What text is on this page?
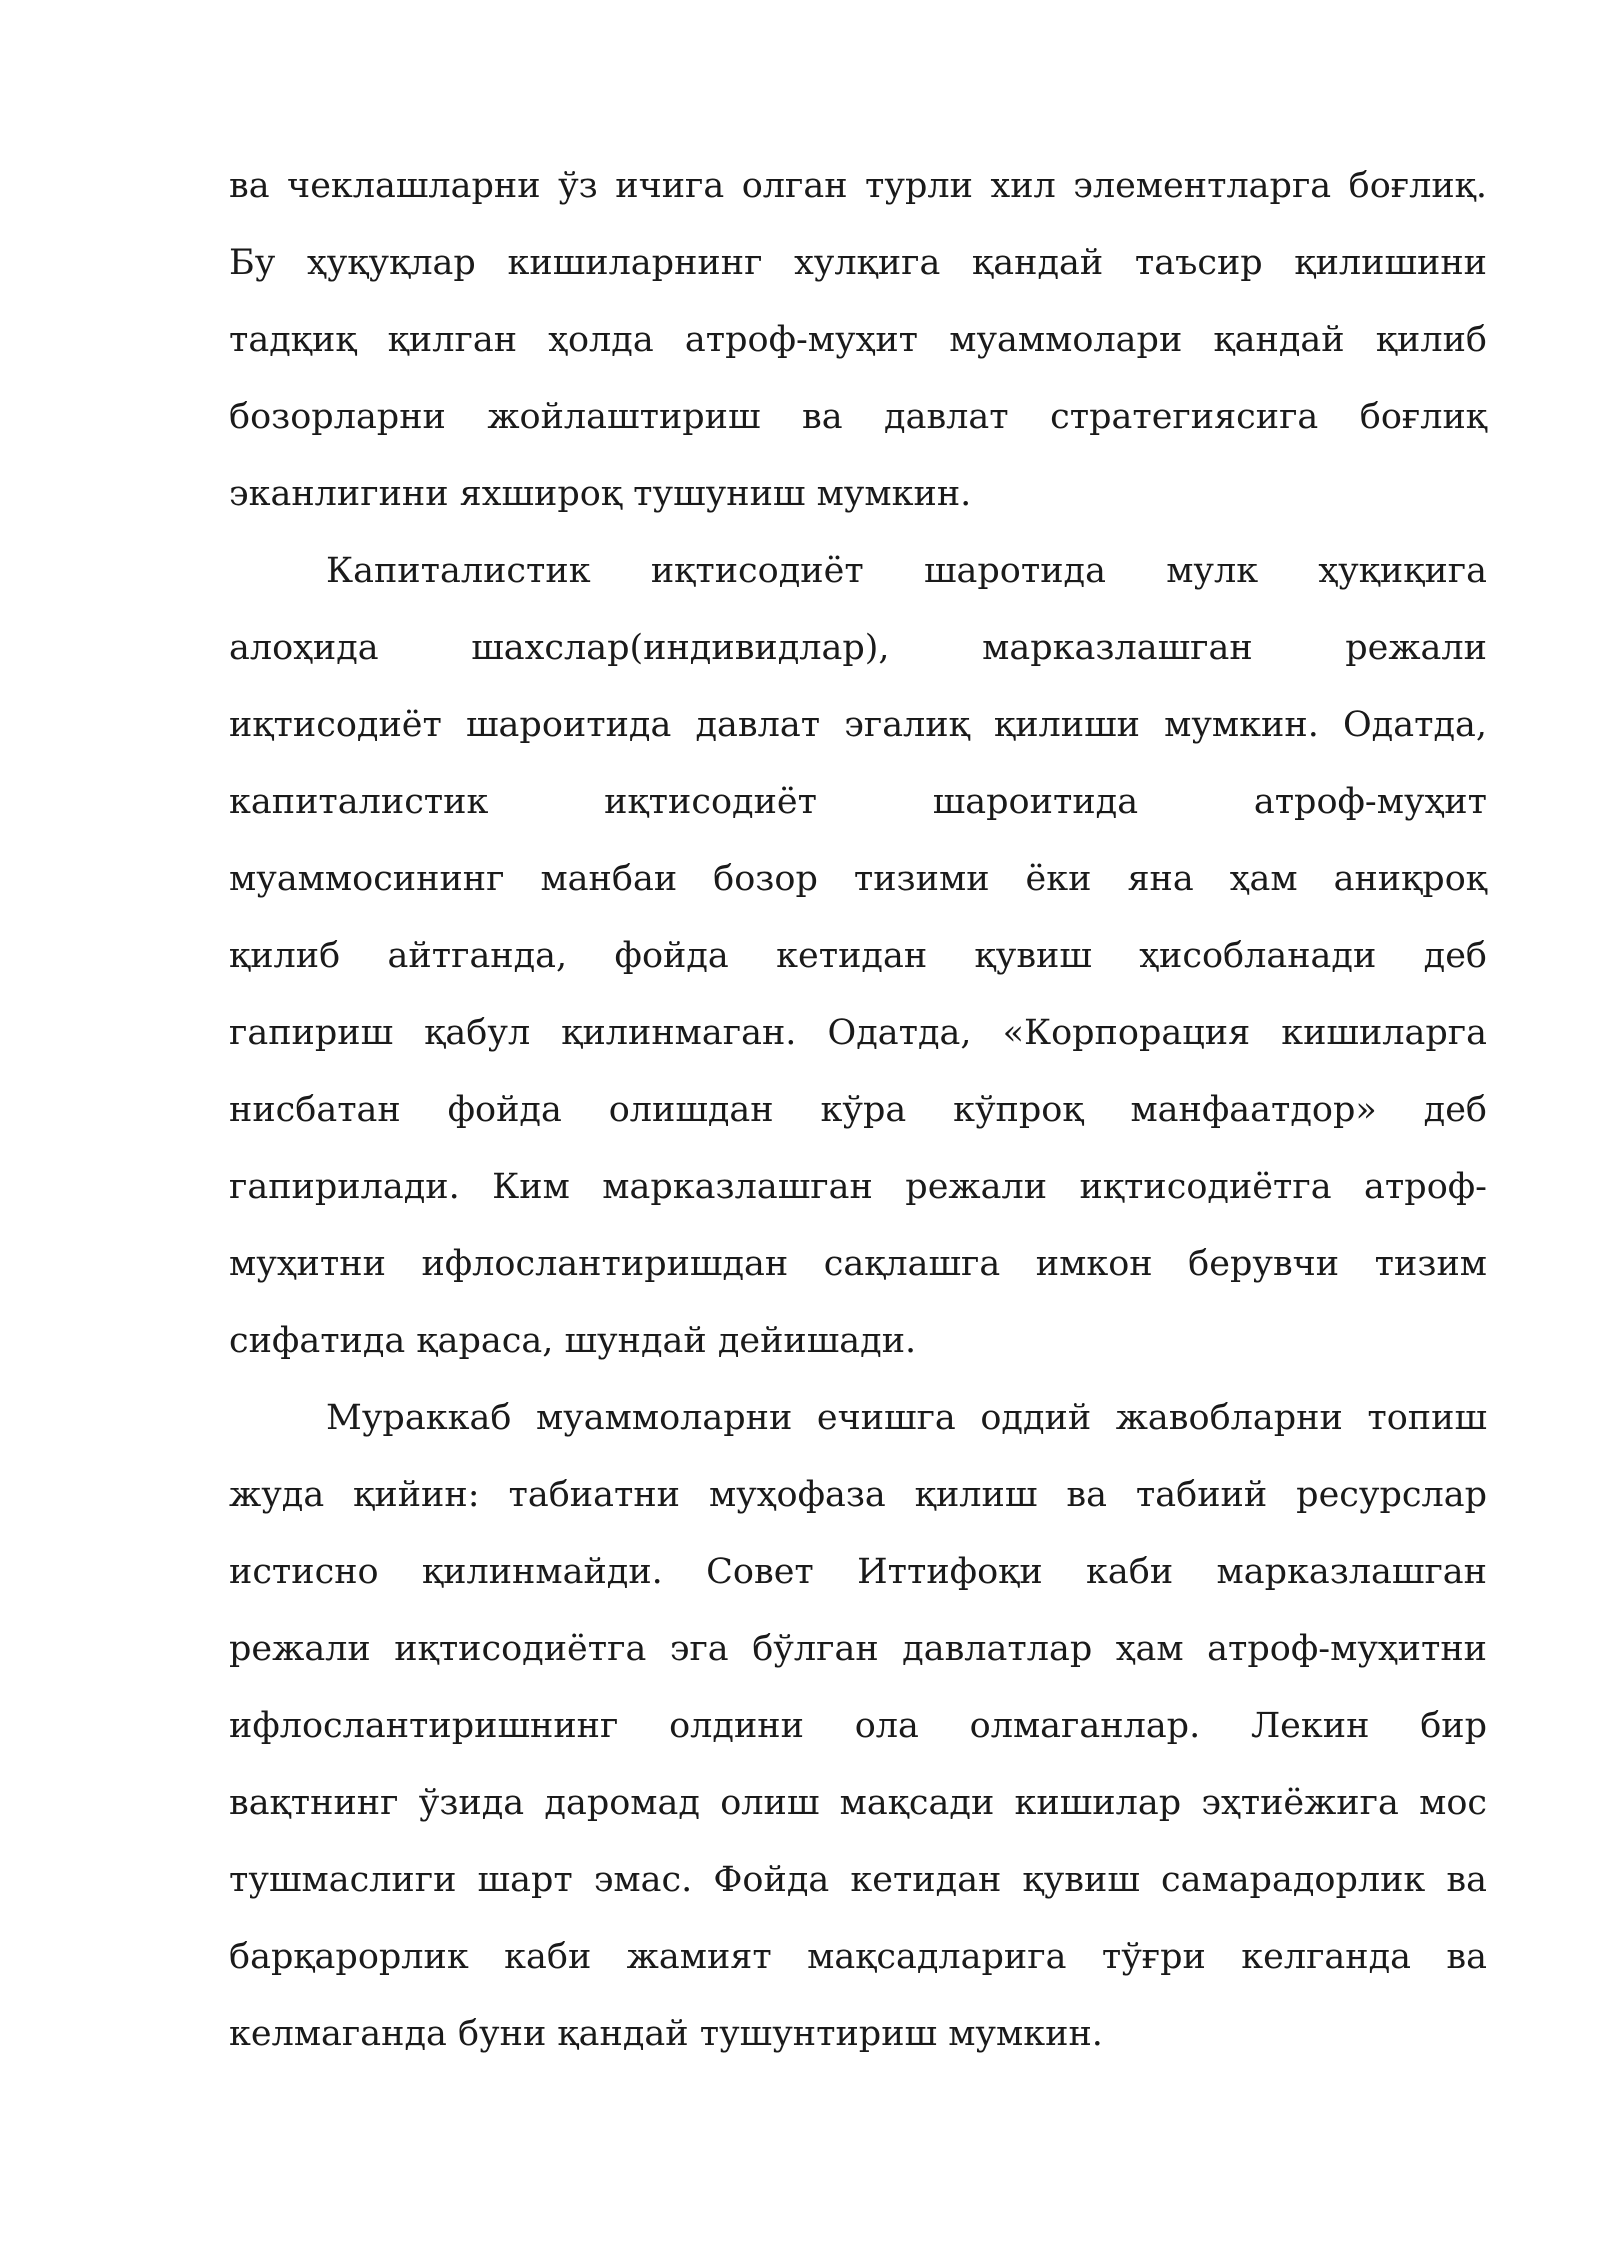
ва чеклашларни ўз ичига олган турли хил элементларга боғлиқ.
Бу ҳуқуқлар кишиларнинг хулқига қандай таъсир қилишини
тадқиқ қилган ҳолда атроф-муҳит муаммолари қандай қилиб
бозорларни жойлаштириш ва давлат стратегиясига боғлиқ
эканлигини яхшироқ тушуниш мумкин.
Капиталистик иқтисодиёт шаротида мулк ҳуқиқига
алоҳида шахслар(индивидлар), марказлашган режали
иқтисодиёт шароитида давлат эгалиқ қилиши мумкин. Одатда,
капиталистик иқтисодиёт шароитида атроф-муҳит
муаммосининг манбаи бозор тизими ёки яна ҳам аниқроқ
қилиб айтганда, фойда кетидан қувиш ҳисобланади деб
гапириш қабул қилинмаган. Одатда, «Корпорация кишиларга
нисбатан фойда олишдан кўра кўпроқ манфаатдор» деб
гапирилади. Ким марказлашган режали иқтисодиётга атроф-
муҳитни ифлослантиришдан сақлашга имкон берувчи тизим
сифатида қараса, шундай дейишади.
Мураккаб муаммоларни ечишга оддий жавобларни топиш
жуда қийин: табиатни муҳофаза қилиш ва табиий ресурслар
истисно қилинмайди. Совет Иттифоқи каби марказлашган
режали иқтисодиётга эга бўлган давлатлар ҳам атроф-муҳитни
ифлослантиришнинг олдини ола олмаганлар. Лекин бир
вақтнинг ўзида даромад олиш мақсади кишилар эҳтиёжига мос
тушмаслиги шарт эмас. Фойда кетидан қувиш самарадорлик ва
барқарорлик каби жамият мақсадларига тўғри келганда ва
келмаганда буни қандай тушунтириш мумкин.
